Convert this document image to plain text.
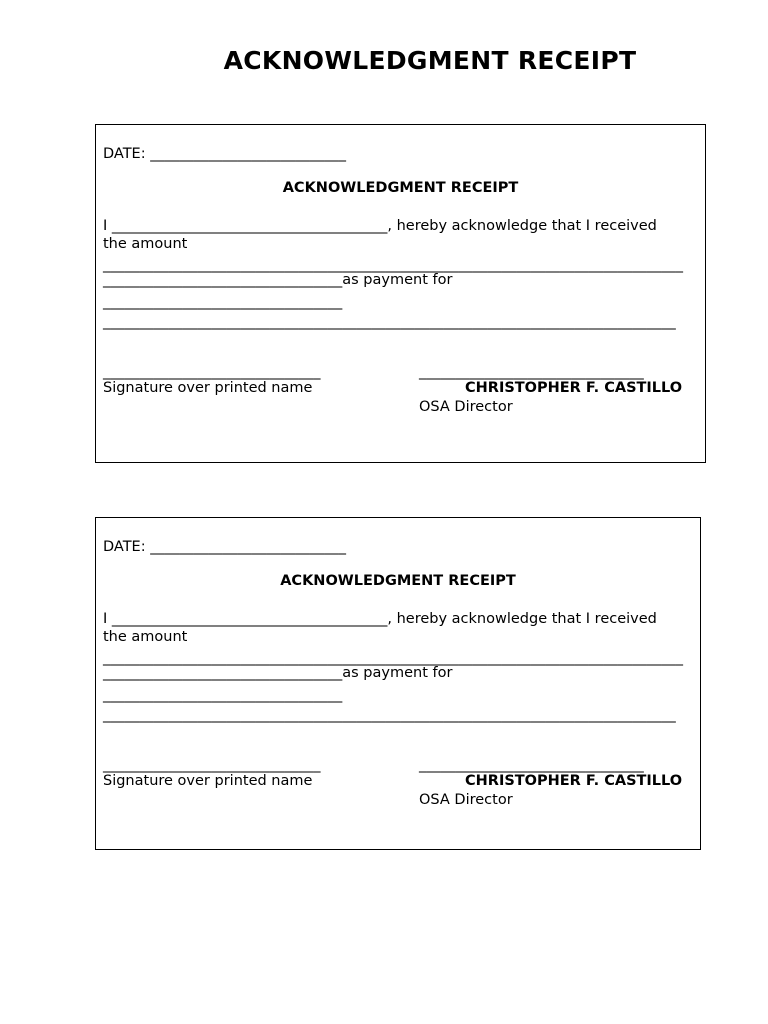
ACKNOWLEDGMENT RECEIPT
DATE: ___________________________
ACKNOWLEDGMENT RECEIPT
I ______________________________________, hereby acknowledge that I received
the amount
________________________________________________________________________________
_________________________________as payment for
_________________________________
_______________________________________________________________________________
______________________________
Signature over printed name
_______________________________
CHRISTOPHER F. CASTILLO
OSA Director
DATE: ___________________________
ACKNOWLEDGMENT RECEIPT
I ______________________________________, hereby acknowledge that I received
the amount
________________________________________________________________________________
_________________________________as payment for
_________________________________
_______________________________________________________________________________
______________________________
Signature over printed name
_______________________________
CHRISTOPHER F. CASTILLO
OSA Director
